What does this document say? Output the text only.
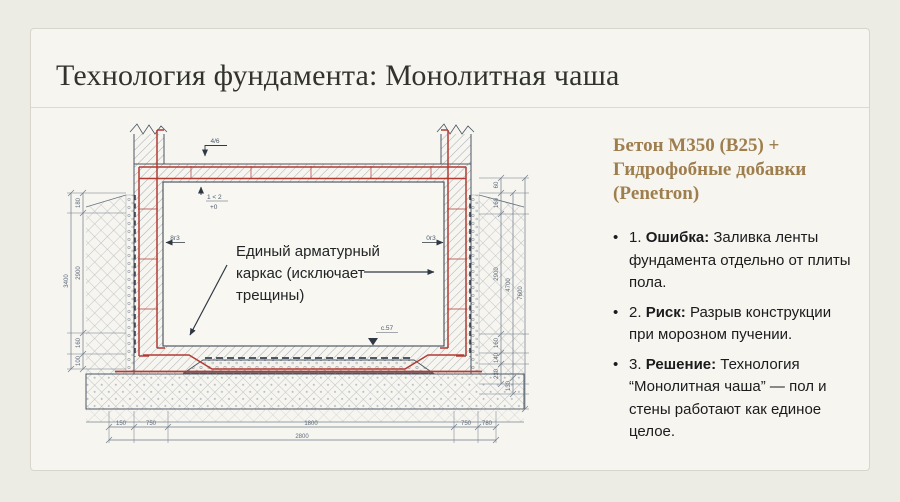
Технология фундамента: Монолитная чаша
150	750	1800	750 780
2800
180
2900
160
100
3400
60
160
2900
160
140
230
4700
130
7600
4/6
1 < 2
+0
8г3	0г3
с.57
Единый арматурный
каркас (исключает
трещины)
Бетон М350 (В25) +
Гидрофобные добавки
(Penetron)
• 1. Ошибка: Заливка ленты фундамента отдельно от плиты пола.
• 2. Риск: Разрыв конструкции при морозном пучении.
• 3. Решение: Технология “Монолитная чаша” — пол и стены работают как единое целое.
